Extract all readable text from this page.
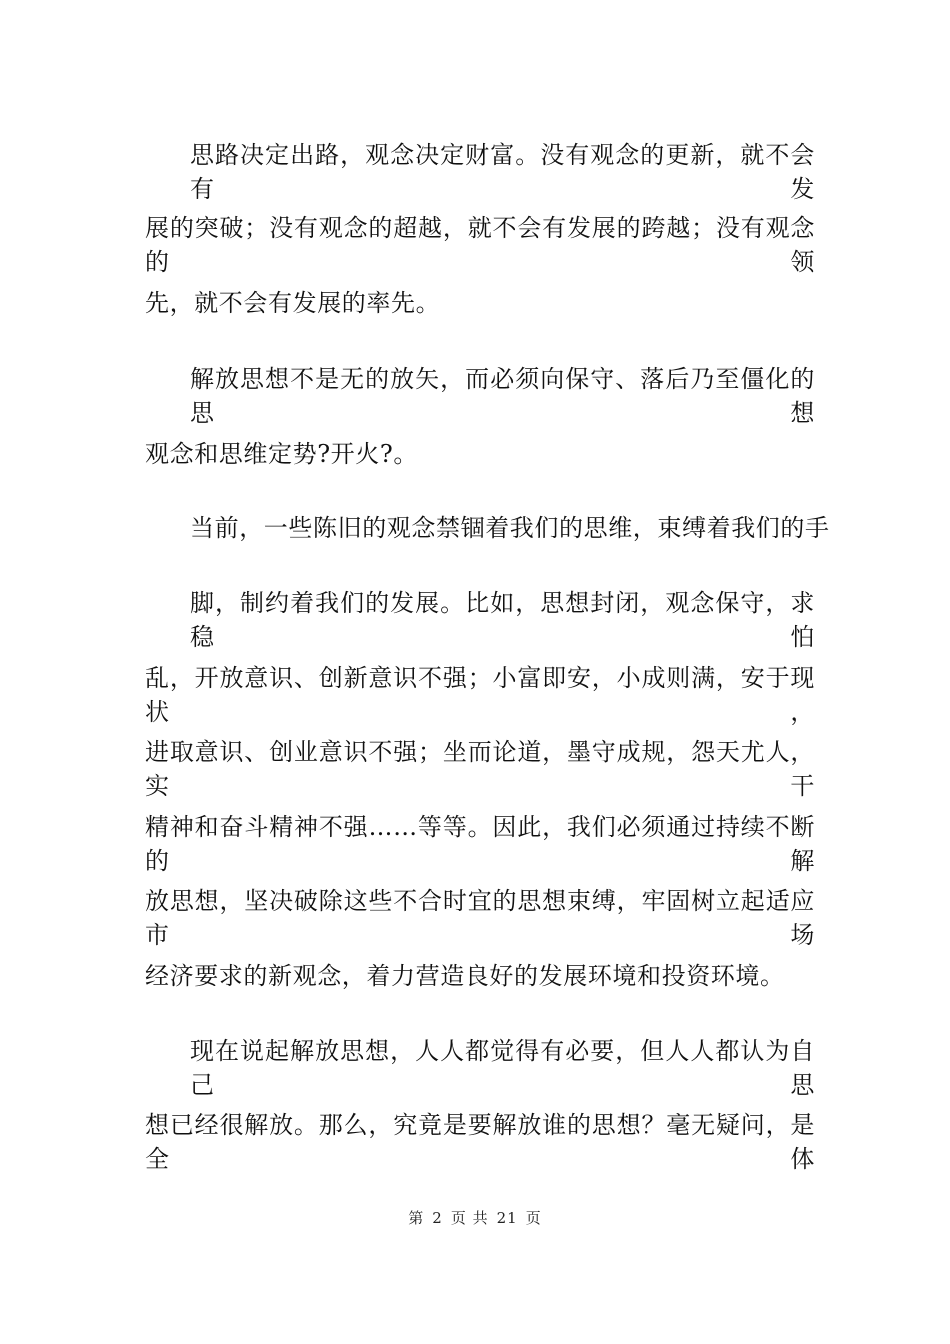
思路决定出路，观念决定财富。没有观念的更新，就不会有发
展的突破；没有观念的超越，就不会有发展的跨越；没有观念的领
先，就不会有发展的率先。
解放思想不是无的放矢，而必须向保守、落后乃至僵化的思想
观念和思维定势?开火?。
当前，一些陈旧的观念禁锢着我们的思维，束缚着我们的手
脚，制约着我们的发展。比如，思想封闭，观念保守，求稳怕
乱，开放意识、创新意识不强；小富即安，小成则满，安于现状，
进取意识、创业意识不强；坐而论道，墨守成规，怨天尤人，实干
精神和奋斗精神不强……等等。因此，我们必须通过持续不断的解
放思想，坚决破除这些不合时宜的思想束缚，牢固树立起适应市场
经济要求的新观念，着力营造良好的发展环境和投资环境。
现在说起解放思想，人人都觉得有必要，但人人都认为自己思
想已经很解放。那么，究竟是要解放谁的思想？毫无疑问，是全体
第 2 页 共 21 页
